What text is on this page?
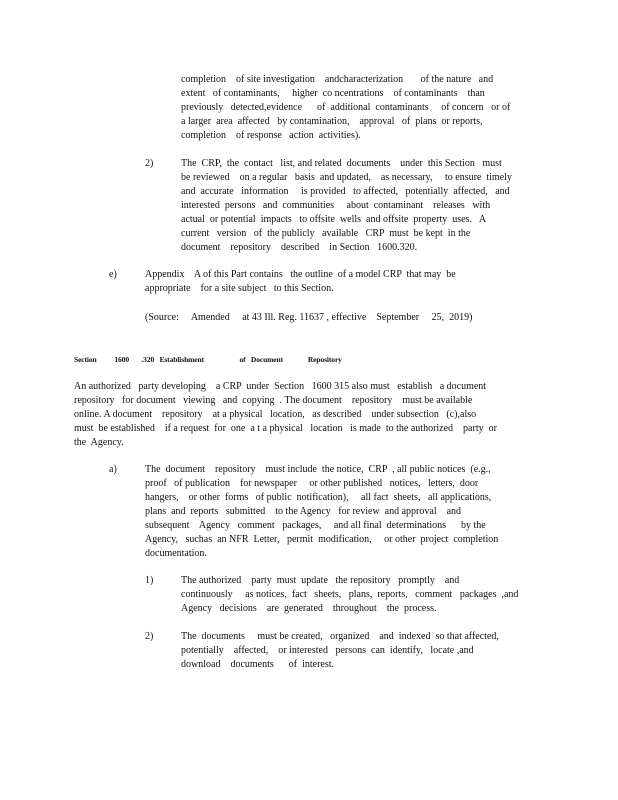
completion    of site investigation    andcharacterization       of the nature   and
extent   of contaminants,     higher  co ncentrations    of contaminants    than
previously   detected,evidence      of  additional  contaminants     of concern   or of
a larger  area  affected   by contamination,    approval   of  plans  or reports,
completion    of response   action  activities).
2)	The  CRP,  the  contact   list, and related  documents    under  this Section   must
be reviewed    on a regular   basis  and updated,    as necessary,     to ensure  timely
and  accurate   information     is provided   to affected,   potentially  affected,   and
interested  persons   and  communities     about  contaminant    releases   with
actual  or potential  impacts   to offsite  wells  and offsite  property  uses.   A
current   version   of  the publicly   available   CRP  must  be kept  in the
document    repository    described    in Section   1600.320.
e)	Appendix    A of this Part contains   the outline  of a model CRP  that may  be
appropriate    for a site subject   to this Section.
(Source:     Amended     at 43 Ill. Reg. 11637 , effective    September     25,  2019)
Section          1600       .320   Establishment                    of   Document              Repository
An authorized   party developing    a CRP  under  Section   1600 315 also must   establish   a document
repository   for document   viewing   and  copying  . The document    repository    must be available
online. A document    repository    at a physical   location,   as described    under subsection   (c),also
must  be established    if a request  for  one  a t a physical   location   is made  to the authorized    party  or
the  Agency.
a)	The  document    repository    must include  the notice,  CRP  , all public notices  (e.g.,
proof   of publication    for newspaper     or other published   notices,   letters,  door
hangers,    or other  forms   of public  notification),     all fact  sheets,   all applications,
plans  and  reports   submitted    to the Agency   for review  and approval    and
subsequent    Agency   comment   packages,     and all final  determinations      by the
Agency,   suchas  an NFR  Letter,   permit  modification,     or other  project  completion
documentation.
1)	The authorized    party  must  update   the repository   promptly    and
continuously     as notices,  fact   sheets,   plans,  reports,   comment   packages  ,and
Agency   decisions    are  generated    throughout    the  process.
2)	The  documents     must be created,   organized    and  indexed  so that affected,
potentially    affected,    or interested   persons  can  identify,   locate ,and
download    documents      of  interest.
